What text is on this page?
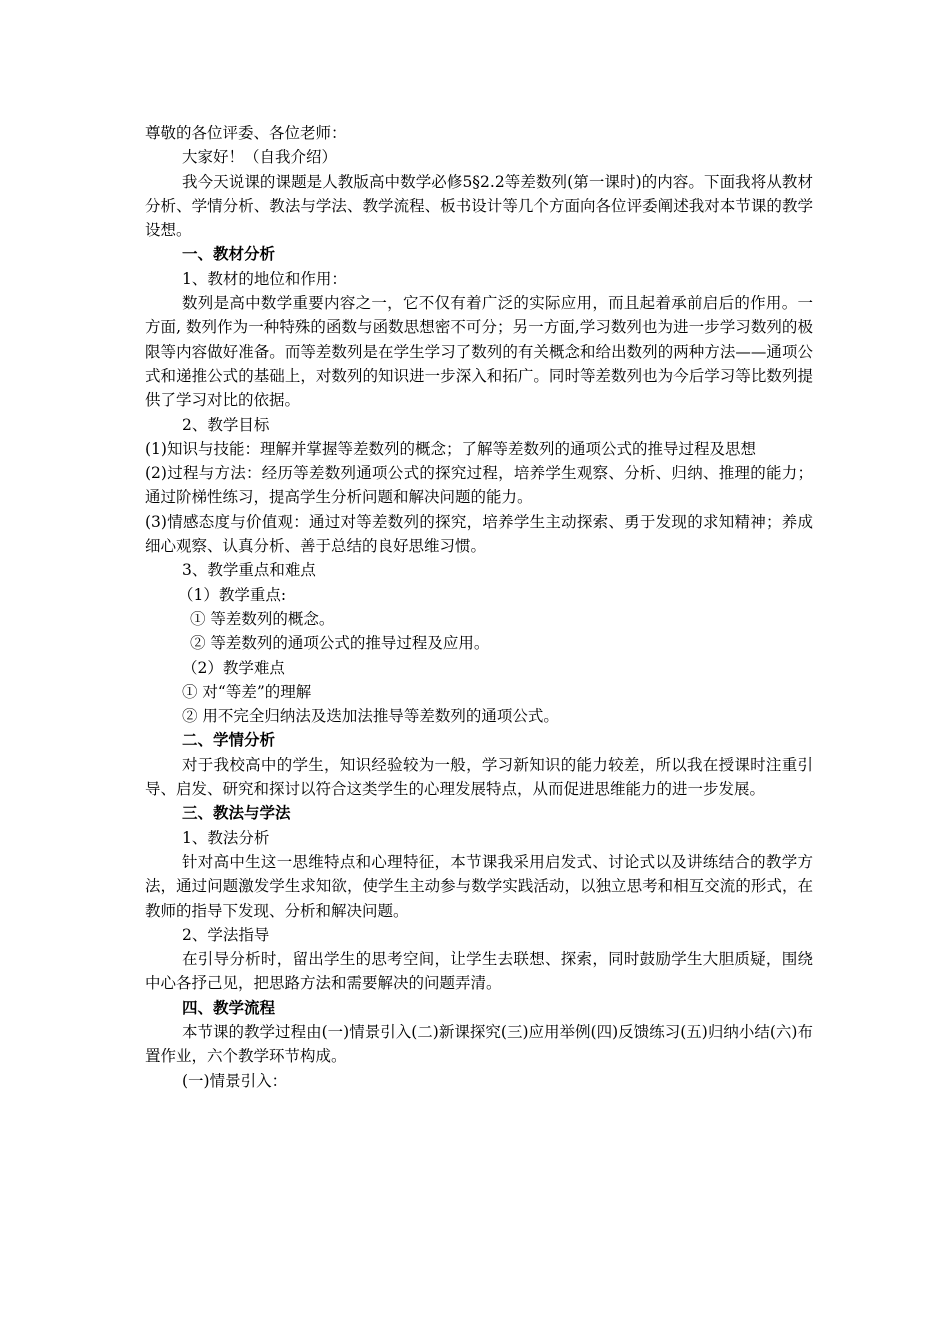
尊敬的各位评委、各位老师：
大家好！（自我介绍）
我今天说课的课题是人教版高中数学必修5§2.2等差数列(第一课时)的内容。下面我将从教材分析、学情分析、教法与学法、教学流程、板书设计等几个方面向各位评委阐述我对本节课的教学设想。
一、教材分析
1、教材的地位和作用：
数列是高中数学重要内容之一，它不仅有着广泛的实际应用，而且起着承前启后的作用。一方面, 数列作为一种特殊的函数与函数思想密不可分；另一方面,学习数列也为进一步学习数列的极限等内容做好准备。而等差数列是在学生学习了数列的有关概念和给出数列的两种方法——通项公式和递推公式的基础上，对数列的知识进一步深入和拓广。同时等差数列也为今后学习等比数列提供了学习对比的依据。
2、教学目标
(1)知识与技能：理解并掌握等差数列的概念；了解等差数列的通项公式的推导过程及思想
(2)过程与方法：经历等差数列通项公式的探究过程，培养学生观察、分析、归纳、推理的能力；通过阶梯性练习，提高学生分析问题和解决问题的能力。
(3)情感态度与价值观：通过对等差数列的探究，培养学生主动探索、勇于发现的求知精神；养成细心观察、认真分析、善于总结的良好思维习惯。
3、教学重点和难点
（1）教学重点:
① 等差数列的概念。
② 等差数列的通项公式的推导过程及应用。
（2）教学难点
① 对“等差”的理解
② 用不完全归纳法及迭加法推导等差数列的通项公式。
二、学情分析
对于我校高中的学生，知识经验较为一般，学习新知识的能力较差，所以我在授课时注重引导、启发、研究和探讨以符合这类学生的心理发展特点，从而促进思维能力的进一步发展。
三、教法与学法
1、教法分析
针对高中生这一思维特点和心理特征，本节课我采用启发式、讨论式以及讲练结合的教学方法，通过问题激发学生求知欲，使学生主动参与数学实践活动，以独立思考和相互交流的形式，在教师的指导下发现、分析和解决问题。
2、学法指导
在引导分析时，留出学生的思考空间，让学生去联想、探索，同时鼓励学生大胆质疑，围绕中心各抒己见，把思路方法和需要解决的问题弄清。
四、教学流程
本节课的教学过程由(一)情景引入(二)新课探究(三)应用举例(四)反馈练习(五)归纳小结(六)布置作业，六个教学环节构成。
(一)情景引入：
